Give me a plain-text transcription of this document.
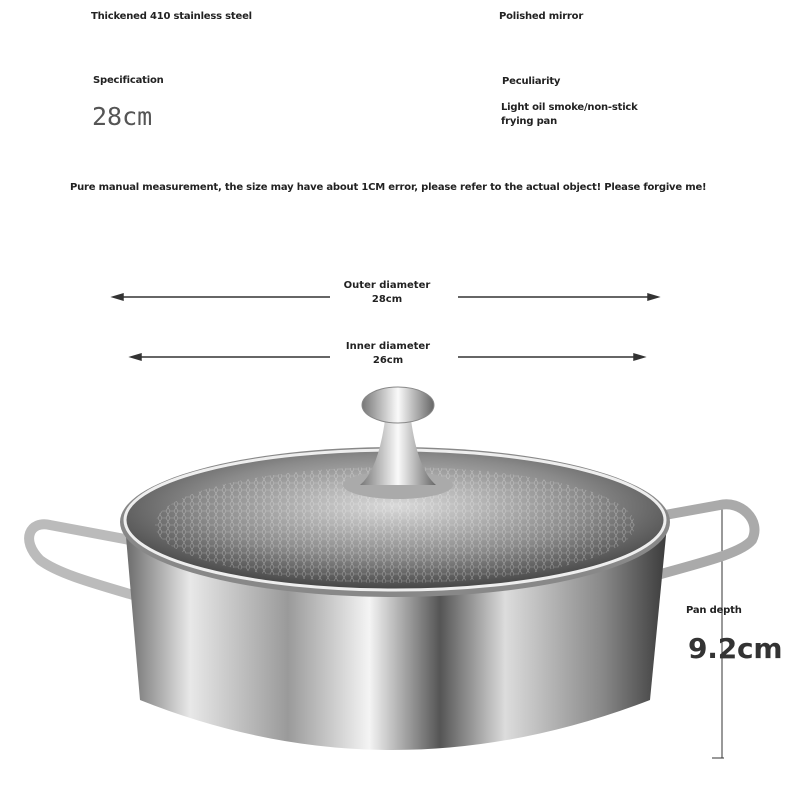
Thickened 410 stainless steel	Polished mirror
Specification
28cm
Peculiarity
Light oil smoke/non-stick
frying pan
Pure manual measurement, the size may have about 1CM error, please refer to the actual object! Please forgive me!
Outer diameter
28cm
Inner diameter
26cm
Pan depth
9.2cm
